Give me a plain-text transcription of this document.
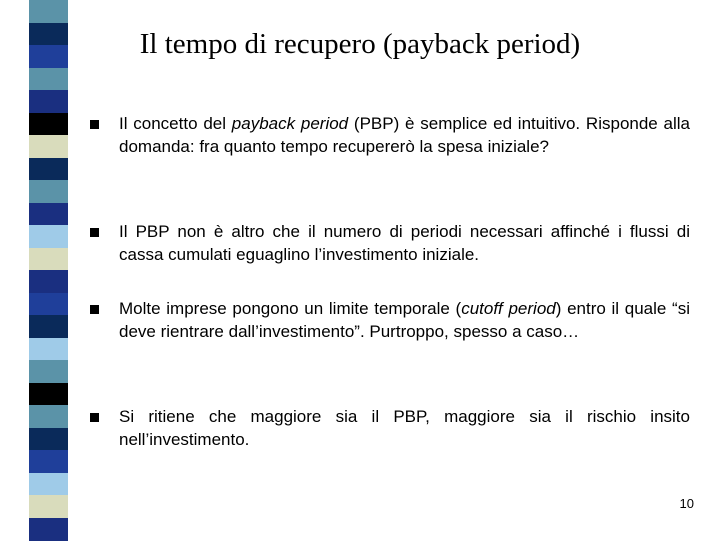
Il tempo di recupero (payback period)

Il concetto del payback period (PBP) è semplice ed intuitivo. Risponde alla domanda: fra quanto tempo recupererò la spesa iniziale?

Il PBP non è altro che il numero di periodi necessari affinché i flussi di cassa cumulati eguaglino l’investimento iniziale.

Molte imprese pongono un limite temporale (cutoff period) entro il quale “si deve rientrare dall’investimento”. Purtroppo, spesso a caso…

Si ritiene che maggiore sia il PBP, maggiore sia il rischio insito nell’investimento.

10
